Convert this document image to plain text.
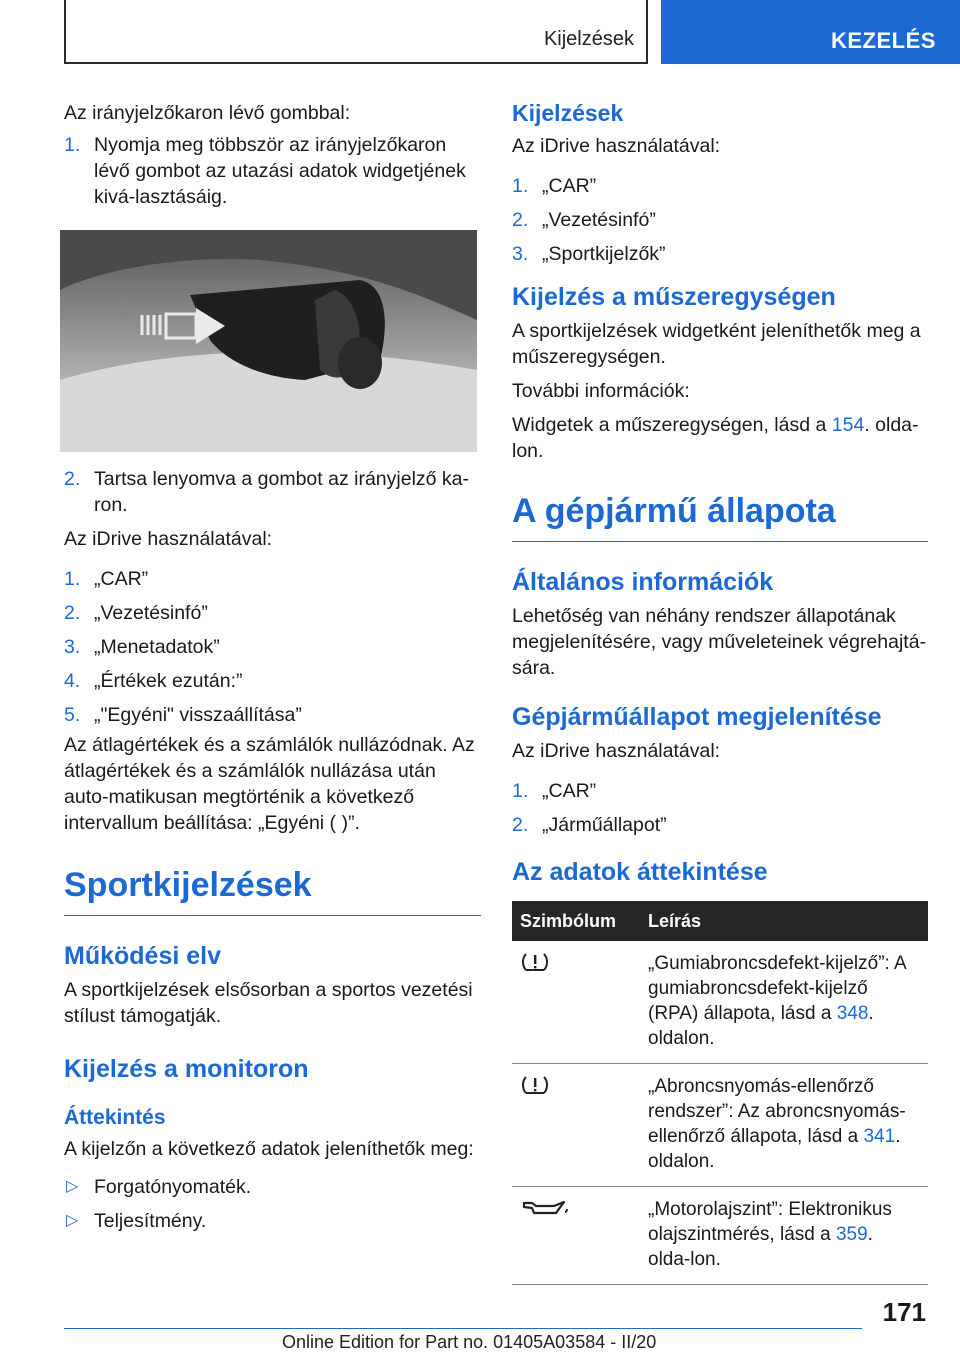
Kijelzések	KEZELÉS

Az irányjelzőkaron lévő gombbal:

1. Nyomja meg többször az irányjelzőkaron lévő gombot az utazási adatok widgetjének kivá-lasztásáig.
2. Tartsa lenyomva a gombot az irányjelző ka-ron.

Az iDrive használatával:

1. „CAR”
2. „Vezetésinfó”
3. „Menetadatok”
4. „Értékek ezután:”
5. „"Egyéni" visszaállítása”

Az átlagértékek és a számlálók nullázódnak. Az átlagértékek és a számlálók nullázása után auto-matikusan megtörténik a következő intervallum beállítása: „Egyéni ( )”.

Sportkijelzések
Működési elv

A sportkijelzések elsősorban a sportos vezetési stílust támogatják.

Kijelzés a monitoron
Áttekintés

A kijelzőn a következő adatok jeleníthetők meg:

▷ Forgatónyomaték.
▷ Teljesítmény.
Kijelzések

Az iDrive használatával:

1. „CAR”
2. „Vezetésinfó”
3. „Sportkijelzők”
Kijelzés a műszeregységen

A sportkijelzések widgetként jeleníthetők meg a műszeregységen.

További információk:

Widgetek a műszeregységen, lásd a 154. olda-lon.

A gépjármű állapota
Általános információk

Lehetőség van néhány rendszer állapotának megjelenítésére, vagy műveleteinek végrehajtá-sára.

Gépjárműállapot megjelenítése

Az iDrive használatával:

1. „CAR”
2. „Járműállapot”
Az adatok áttekintése
Szimbólum	Leírás
	„Gumiabroncsdefekt-kijelző”: A gumiabroncsdefekt-kijelző (RPA) állapota, lásd a 348. oldalon.
	„Abroncsnyomás-ellenőrző rendszer”: Az abroncsnyomás-ellenőrző állapota, lásd a 341. oldalon.
	„Motorolajszint”: Elektronikus olajszintmérés, lásd a 359. olda-lon.
171
Online Edition for Part no. 01405A03584 - II/20
